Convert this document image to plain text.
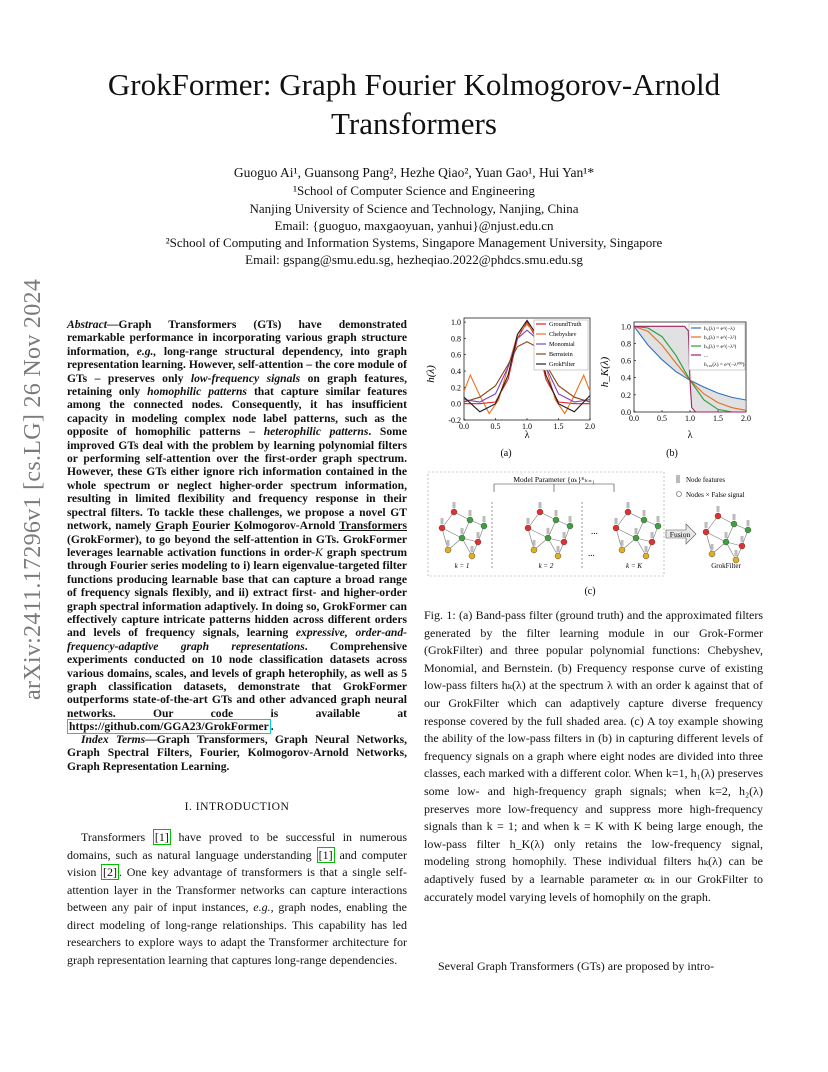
arXiv:2411.17296v1 [cs.LG] 26 Nov 2024
GrokFormer: Graph Fourier Kolmogorov-Arnold
Transformers
Guoguo Ai¹, Guansong Pang², Hezhe Qiao², Yuan Gao¹, Hui Yan¹*
¹School of Computer Science and Engineering
Nanjing University of Science and Technology, Nanjing, China
Email: {guoguo, maxgaoyuan, yanhui}@njust.edu.cn
²School of Computing and Information Systems, Singapore Management University, Singapore
Email: gspang@smu.edu.sg, hezheqiao.2022@phdcs.smu.edu.sg
Abstract—Graph Transformers (GTs) have demonstrated remarkable performance in incorporating various graph structure information, e.g., long-range structural dependency, into graph representation learning. However, self-attention – the core module of GTs – preserves only low-frequency signals on graph features, retaining only homophilic patterns that capture similar features among the connected nodes. Consequently, it has insufficient capacity in modeling complex node label patterns, such as the opposite of homophilic patterns – heterophilic patterns. Some improved GTs deal with the problem by learning polynomial filters or performing self-attention over the first-order graph spectrum. However, these GTs either ignore rich information contained in the whole spectrum or neglect higher-order spectrum information, resulting in limited flexibility and frequency response in their spectral filters. To tackle these challenges, we propose a novel GT network, namely Graph Fourier Kolmogorov-Arnold Transformers (GrokFormer), to go beyond the self-attention in GTs. GrokFormer leverages learnable activation functions in order-K graph spectrum through Fourier series modeling to i) learn eigenvalue-targeted filter functions producing learnable base that can capture a broad range of frequency signals flexibly, and ii) extract first- and higher-order graph spectral information adaptively. In doing so, GrokFormer can effectively capture intricate patterns hidden across different orders and levels of frequency signals, learning expressive, order-and-frequency-adaptive graph representations. Comprehensive experiments conducted on 10 node classification datasets across various domains, scales, and levels of graph heterophily, as well as 5 graph classification datasets, demonstrate that GrokFormer outperforms state-of-the-art GTs and other advanced graph neural networks. Our code is available at https://github.com/GGA23/GrokFormer .
Index Terms—Graph Transformers, Graph Neural Networks, Graph Spectral Filters, Fourier, Kolmogorov-Arnold Networks, Graph Representation Learning.
I. INTRODUCTION
Transformers [1] have proved to be successful in numerous domains, such as natural language understanding [1] and computer vision [2] . One key advantage of transformers is that a single self-attention layer in the Transformer networks can capture interactions between any pair of input instances, e.g., graph nodes, enabling the direct modeling of long-range relationships. This capability has led researchers to explore ways to adapt the Transformer architecture for graph representation learning that captures long-range dependencies.
0.0	0.5	1.0	1.5	2.0
-0.2
0.0
0.2
0.4
0.6
0.8
1.0
h(λ)
λ
GroundTruth
Chebyshev
Monomial
Bernstein
GrokFilter
(a)
0.0 0.5 1.0 1.5 2.0
0.0
0.2
0.4
0.6
0.8
1.0
h_K(λ)
λ
h₁(λ) = e^(−λ)
h₂(λ) = e^(−λ²)
h₃(λ) = e^(−λ³)
...
h₁₀₀(λ) = e^(−λ¹⁰⁰)
(b)
Model Parameter {αₖ}ᴷₖ₌₁
...
...
k = 1	k = 2	k = K
Fusion
GrokFilter
Node features
Nodes × False signal
(c)
Fig. 1: (a) Band-pass filter (ground truth) and the approximated filters generated by the filter learning module in our Grok-Former (GrokFilter) and three popular polynomial functions: Chebyshev, Monomial, and Bernstein. (b) Frequency response curve of existing low-pass filters hₖ(λ) at the spectrum λ with an order k against that of our GrokFilter which can adaptively capture diverse frequency response covered by the full shaded area. (c) A toy example showing the ability of the low-pass filters in (b) in capturing different levels of frequency signals on a graph where eight nodes are divided into three classes, each marked with a different color. When k=1, h₁(λ) preserves some low- and high-frequency graph signals; when k=2, h₂(λ) preserves more low-frequency and suppress more high-frequency signals than k = 1; and when k = K with K being large enough, the low-pass filter h_K(λ) only retains the low-frequency signal, modeling strong homophily. These individual filters hₖ(λ) can be adaptively fused by a learnable parameter αₖ in our GrokFilter to accurately model varying levels of homophily on the graph.
Several Graph Transformers (GTs) are proposed by intro-
